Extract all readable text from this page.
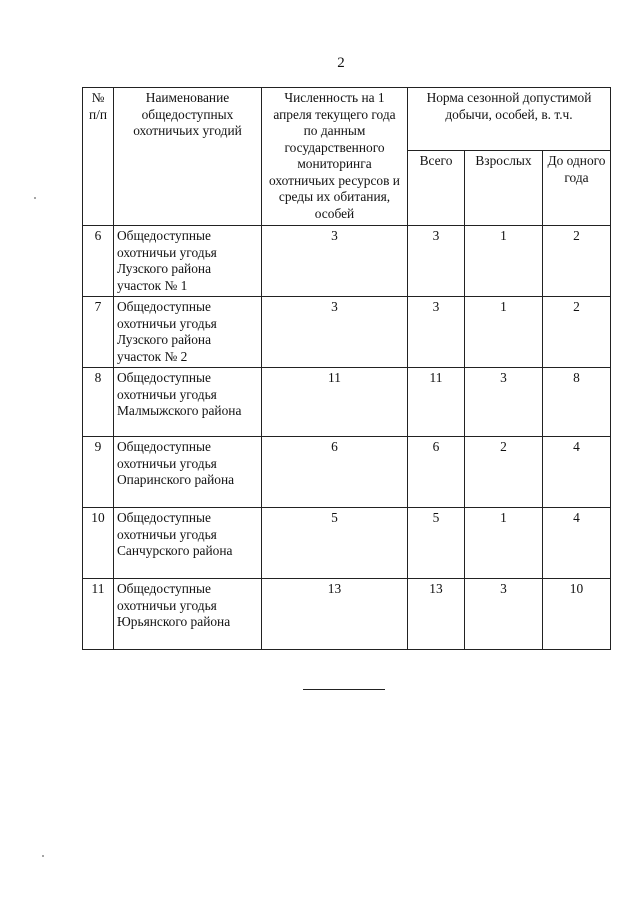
2
№ п/п	Наименование общедоступных охотничьих угодий	Численность на 1 апреля текущего года по данным государственного мониторинга охотничьих ресурсов и среды их обитания, особей	Норма сезонной допустимой добычи, особей, в. т.ч.		
			Всего	Взрослых	До одного года
6	Общедоступные охотничьи угодья Лузского района участок № 1	3	3	1	2
7	Общедоступные охотничьи угодья Лузского района участок № 2	3	3	1	2
8	Общедоступные охотничьи угодья Малмыжского района	11	11	3	8
9	Общедоступные охотничьи угодья Опаринского района	6	6	2	4
10	Общедоступные охотничьи угодья Санчурского района	5	5	1	4
11	Общедоступные охотничьи угодья Юрьянского района	13	13	3	10
